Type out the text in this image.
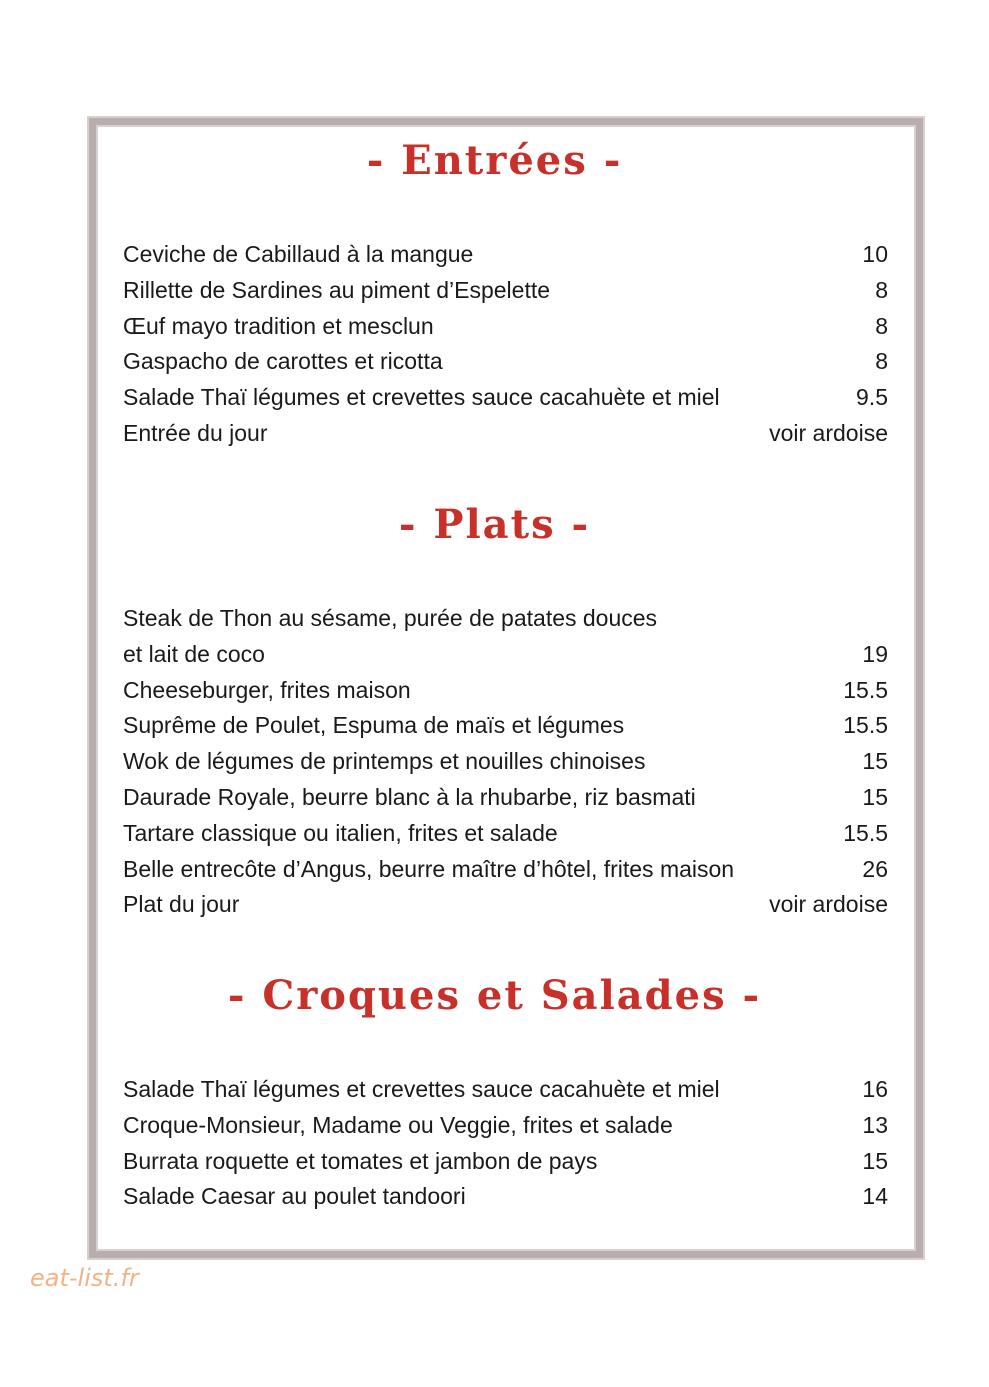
- Entrées -
Ceviche de Cabillaud à la mangue	10
Rillette de Sardines au piment d’Espelette	8
Œuf mayo tradition et mesclun	8
Gaspacho de carottes et ricotta	8
Salade Thaï légumes et crevettes sauce cacahuète et miel	9.5
Entrée du jour	voir ardoise
- Plats -
Steak de Thon au sésame, purée de patates douces
et lait de coco	19
Cheeseburger, frites maison	15.5
Suprême de Poulet, Espuma de maïs et légumes	15.5
Wok de légumes de printemps et nouilles chinoises	15
Daurade Royale, beurre blanc à la rhubarbe, riz basmati	15
Tartare classique ou italien, frites et salade	15.5
Belle entrecôte d’Angus, beurre maître d’hôtel, frites maison	26
Plat du jour	voir ardoise
- Croques et Salades -
Salade Thaï légumes et crevettes sauce cacahuète et miel	16
Croque-Monsieur, Madame ou Veggie, frites et salade	13
Burrata roquette et tomates et jambon de pays	15
Salade Caesar au poulet tandoori	14
eat-list.fr
